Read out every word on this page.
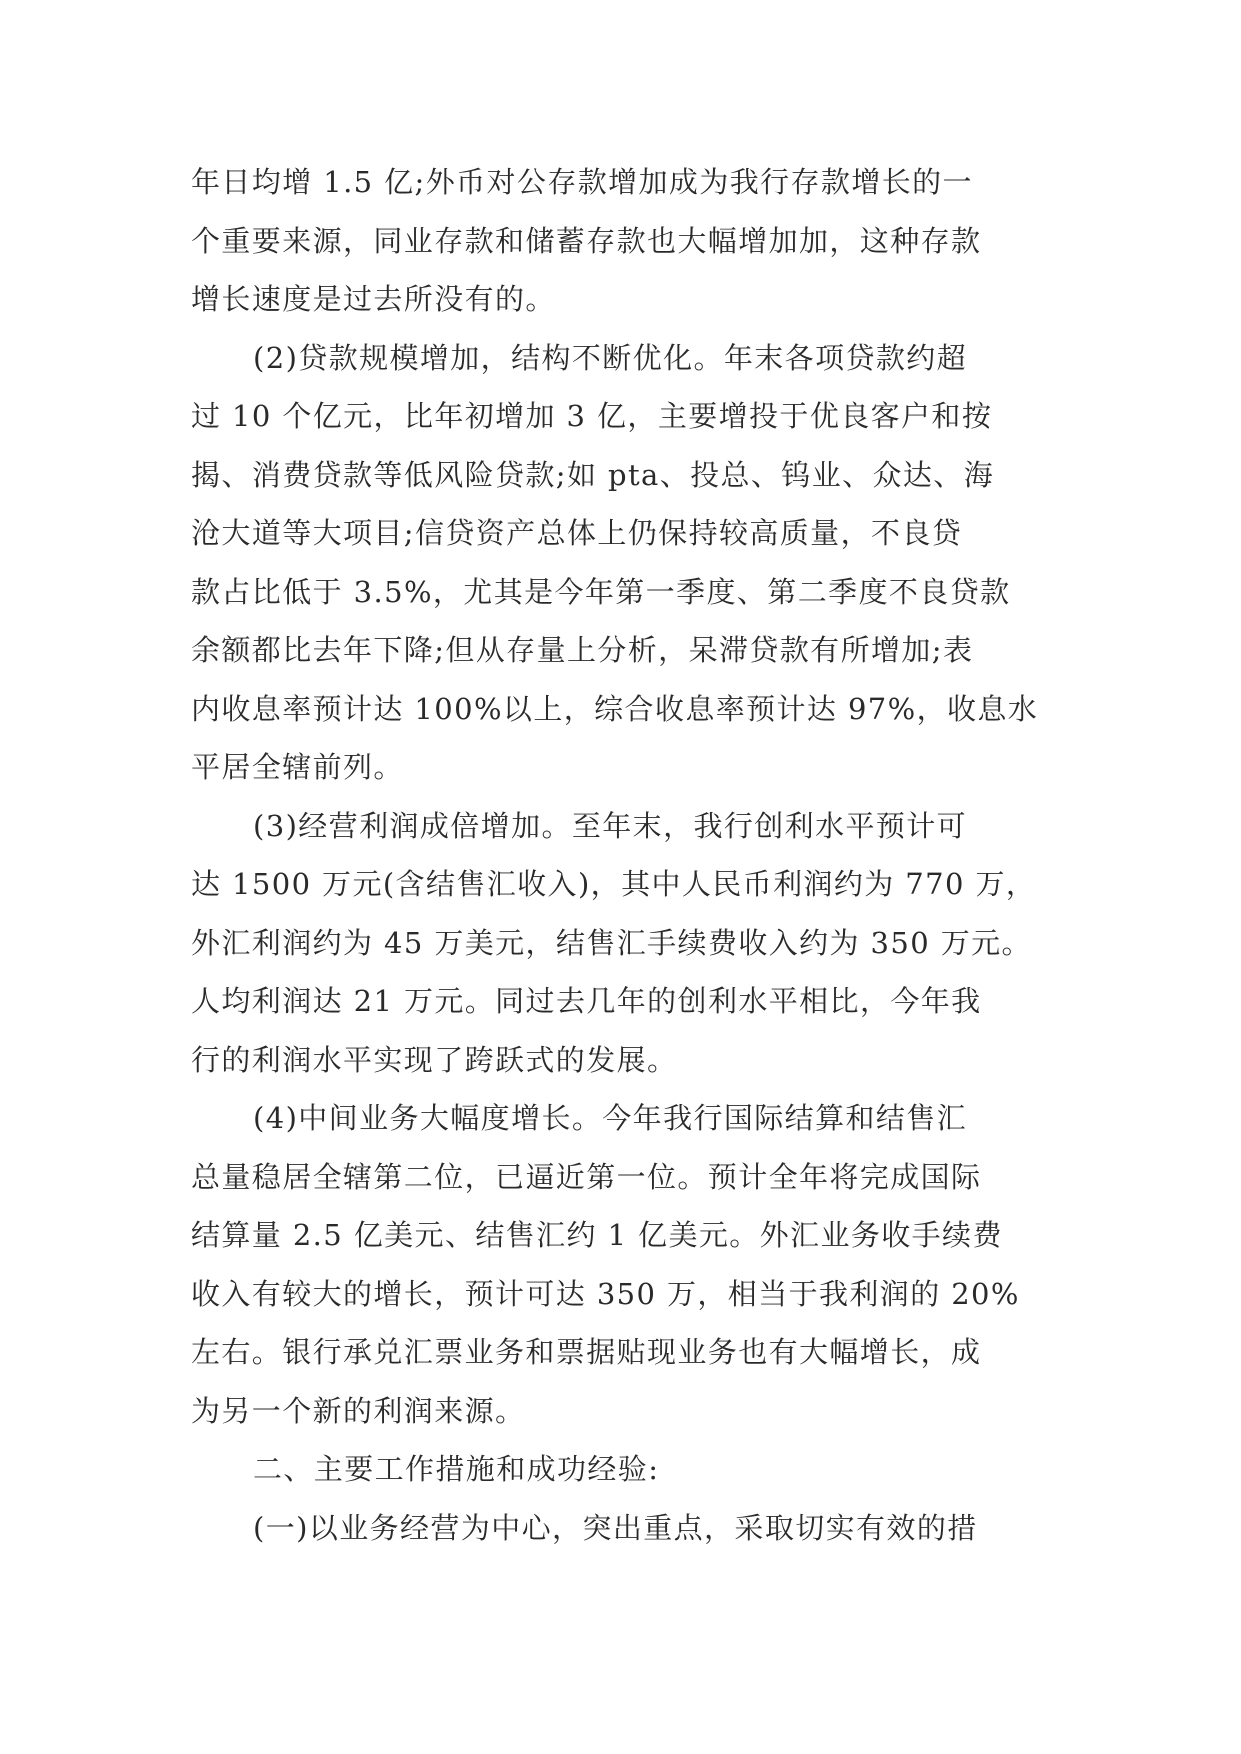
年日均增 1.5 亿;外币对公存款增加成为我行存款增长的一
个重要来源，同业存款和储蓄存款也大幅增加加，这种存款
增长速度是过去所没有的。
(2)贷款规模增加，结构不断优化。年末各项贷款约超
过 10 个亿元，比年初增加 3 亿，主要增投于优良客户和按
揭、消费贷款等低风险贷款;如 pta、投总、钨业、众达、海
沧大道等大项目;信贷资产总体上仍保持较高质量，不良贷
款占比低于 3.5%，尤其是今年第一季度、第二季度不良贷款
余额都比去年下降;但从存量上分析，呆滞贷款有所增加;表
内收息率预计达 100%以上，综合收息率预计达 97%，收息水
平居全辖前列。
(3)经营利润成倍增加。至年末，我行创利水平预计可
达 1500 万元(含结售汇收入)，其中人民币利润约为 770 万，
外汇利润约为 45 万美元，结售汇手续费收入约为 350 万元。
人均利润达 21 万元。同过去几年的创利水平相比，今年我
行的利润水平实现了跨跃式的发展。
(4)中间业务大幅度增长。今年我行国际结算和结售汇
总量稳居全辖第二位，已逼近第一位。预计全年将完成国际
结算量 2.5 亿美元、结售汇约 1 亿美元。外汇业务收手续费
收入有较大的增长，预计可达 350 万，相当于我利润的 20%
左右。银行承兑汇票业务和票据贴现业务也有大幅增长，成
为另一个新的利润来源。
二、主要工作措施和成功经验:
(一)以业务经营为中心，突出重点，采取切实有效的措
